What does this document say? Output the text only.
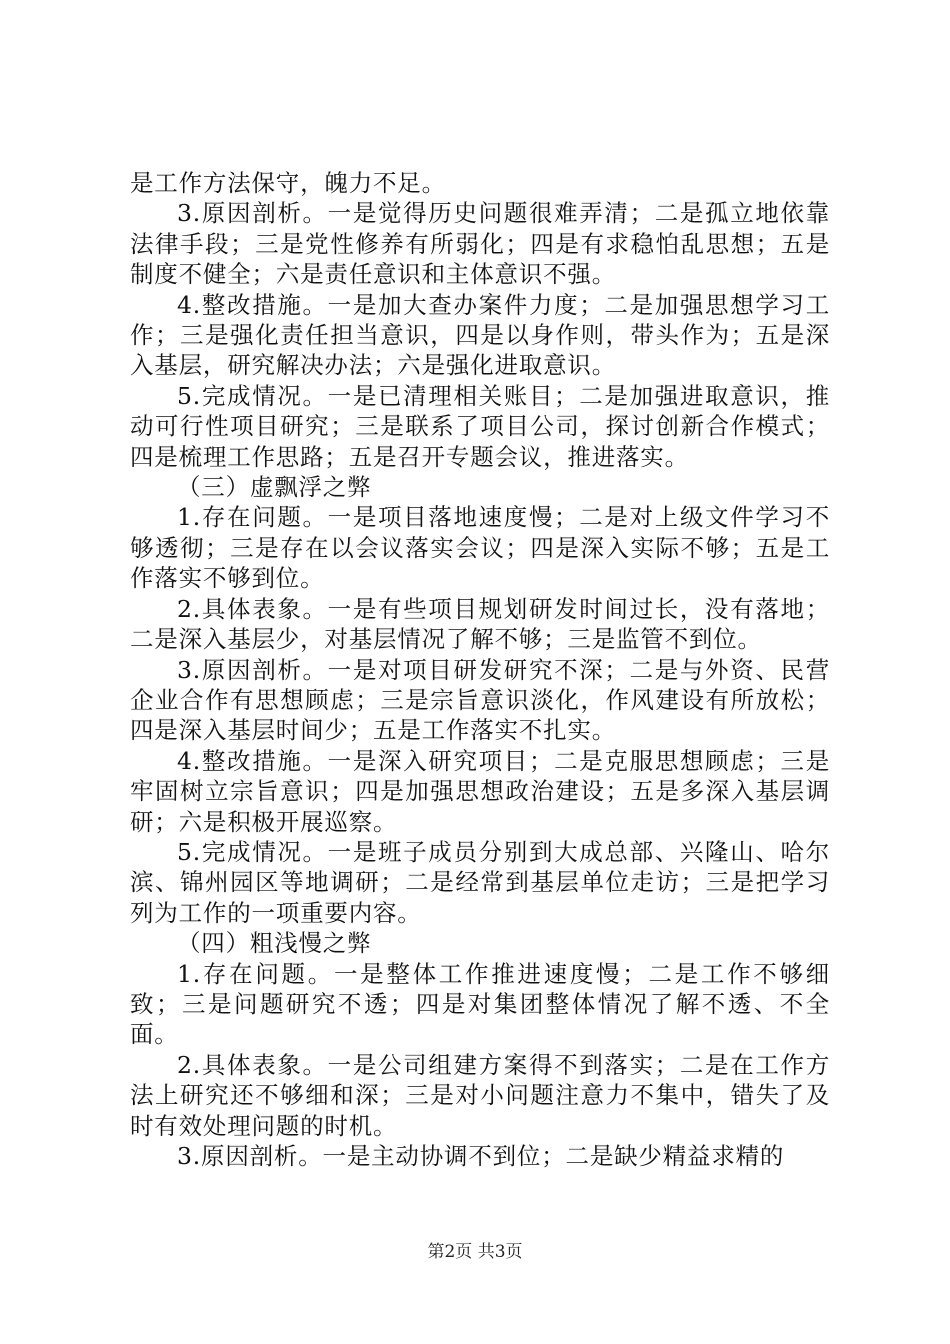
是工作方法保守，魄力不足。

3.原因剖析。一是觉得历史问题很难弄清；二是孤立地依靠法律手段；三是党性修养有所弱化；四是有求稳怕乱思想；五是制度不健全；六是责任意识和主体意识不强。

4.整改措施。一是加大查办案件力度；二是加强思想学习工作；三是强化责任担当意识，四是以身作则，带头作为；五是深入基层，研究解决办法；六是强化进取意识。

5.完成情况。一是已清理相关账目；二是加强进取意识，推动可行性项目研究；三是联系了项目公司，探讨创新合作模式；四是梳理工作思路；五是召开专题会议，推进落实。

（三）虚飘浮之弊

1.存在问题。一是项目落地速度慢；二是对上级文件学习不够透彻；三是存在以会议落实会议；四是深入实际不够；五是工作落实不够到位。

2.具体表象。一是有些项目规划研发时间过长，没有落地；二是深入基层少，对基层情况了解不够；三是监管不到位。

3.原因剖析。一是对项目研发研究不深；二是与外资、民营企业合作有思想顾虑；三是宗旨意识淡化，作风建设有所放松；四是深入基层时间少；五是工作落实不扎实。

4.整改措施。一是深入研究项目；二是克服思想顾虑；三是牢固树立宗旨意识；四是加强思想政治建设；五是多深入基层调研；六是积极开展巡察。

5.完成情况。一是班子成员分别到大成总部、兴隆山、哈尔滨、锦州园区等地调研；二是经常到基层单位走访；三是把学习列为工作的一项重要内容。

（四）粗浅慢之弊

1.存在问题。一是整体工作推进速度慢；二是工作不够细致；三是问题研究不透；四是对集团整体情况了解不透、不全面。

2.具体表象。一是公司组建方案得不到落实；二是在工作方法上研究还不够细和深；三是对小问题注意力不集中，错失了及时有效处理问题的时机。

3.原因剖析。一是主动协调不到位；二是缺少精益求精的

第2页 共3页
